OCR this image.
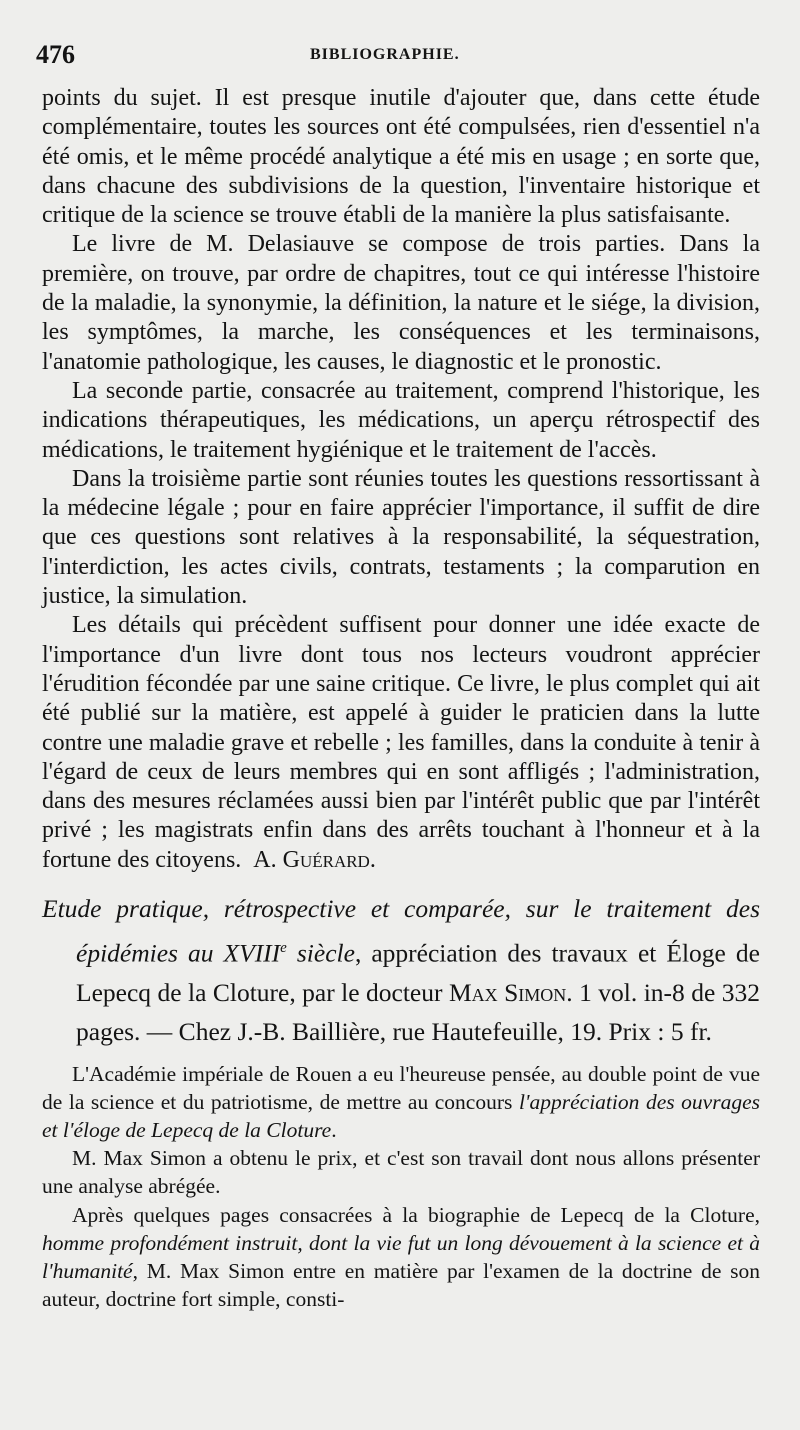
476	BIBLIOGRAPHIE.

points du sujet. Il est presque inutile d'ajouter que, dans cette étude complémentaire, toutes les sources ont été compulsées, rien d'essentiel n'a été omis, et le même procédé analytique a été mis en usage ; en sorte que, dans chacune des subdivisions de la question, l'inventaire historique et critique de la science se trouve établi de la manière la plus satisfaisante.

Le livre de M. Delasiauve se compose de trois parties. Dans la première, on trouve, par ordre de chapitres, tout ce qui intéresse l'histoire de la maladie, la synonymie, la définition, la nature et le siége, la division, les symptômes, la marche, les conséquences et les terminaisons, l'anatomie pathologique, les causes, le diagnostic et le pronostic.

La seconde partie, consacrée au traitement, comprend l'historique, les indications thérapeutiques, les médications, un aperçu rétrospectif des médications, le traitement hygiénique et le traitement de l'accès.

Dans la troisième partie sont réunies toutes les questions ressortissant à la médecine légale ; pour en faire apprécier l'importance, il suffit de dire que ces questions sont relatives à la responsabilité, la séquestration, l'interdiction, les actes civils, contrats, testaments ; la comparution en justice, la simulation.

Les détails qui précèdent suffisent pour donner une idée exacte de l'importance d'un livre dont tous nos lecteurs voudront apprécier l'érudition fécondée par une saine critique. Ce livre, le plus complet qui ait été publié sur la matière, est appelé à guider le praticien dans la lutte contre une maladie grave et rebelle ; les familles, dans la conduite à tenir à l'égard de ceux de leurs membres qui en sont affligés ; l'administration, dans des mesures réclamées aussi bien par l'intérêt public que par l'intérêt privé ; les magistrats enfin dans des arrêts touchant à l'honneur et à la fortune des citoyens. A. Guérard.

Etude pratique, rétrospective et comparée, sur le traitement des épidémies au XVIIIe siècle, appréciation des travaux et Éloge de Lepecq de la Cloture, par le docteur Max Simon. 1 vol. in-8 de 332 pages. — Chez J.-B. Baillière, rue Hautefeuille, 19. Prix : 5 fr.

L'Académie impériale de Rouen a eu l'heureuse pensée, au double point de vue de la science et du patriotisme, de mettre au concours l'appréciation des ouvrages et l'éloge de Lepecq de la Cloture.

M. Max Simon a obtenu le prix, et c'est son travail dont nous allons présenter une analyse abrégée.

Après quelques pages consacrées à la biographie de Lepecq de la Cloture, homme profondément instruit, dont la vie fut un long dévouement à la science et à l'humanité, M. Max Simon entre en matière par l'examen de la doctrine de son auteur, doctrine fort simple, consti-
